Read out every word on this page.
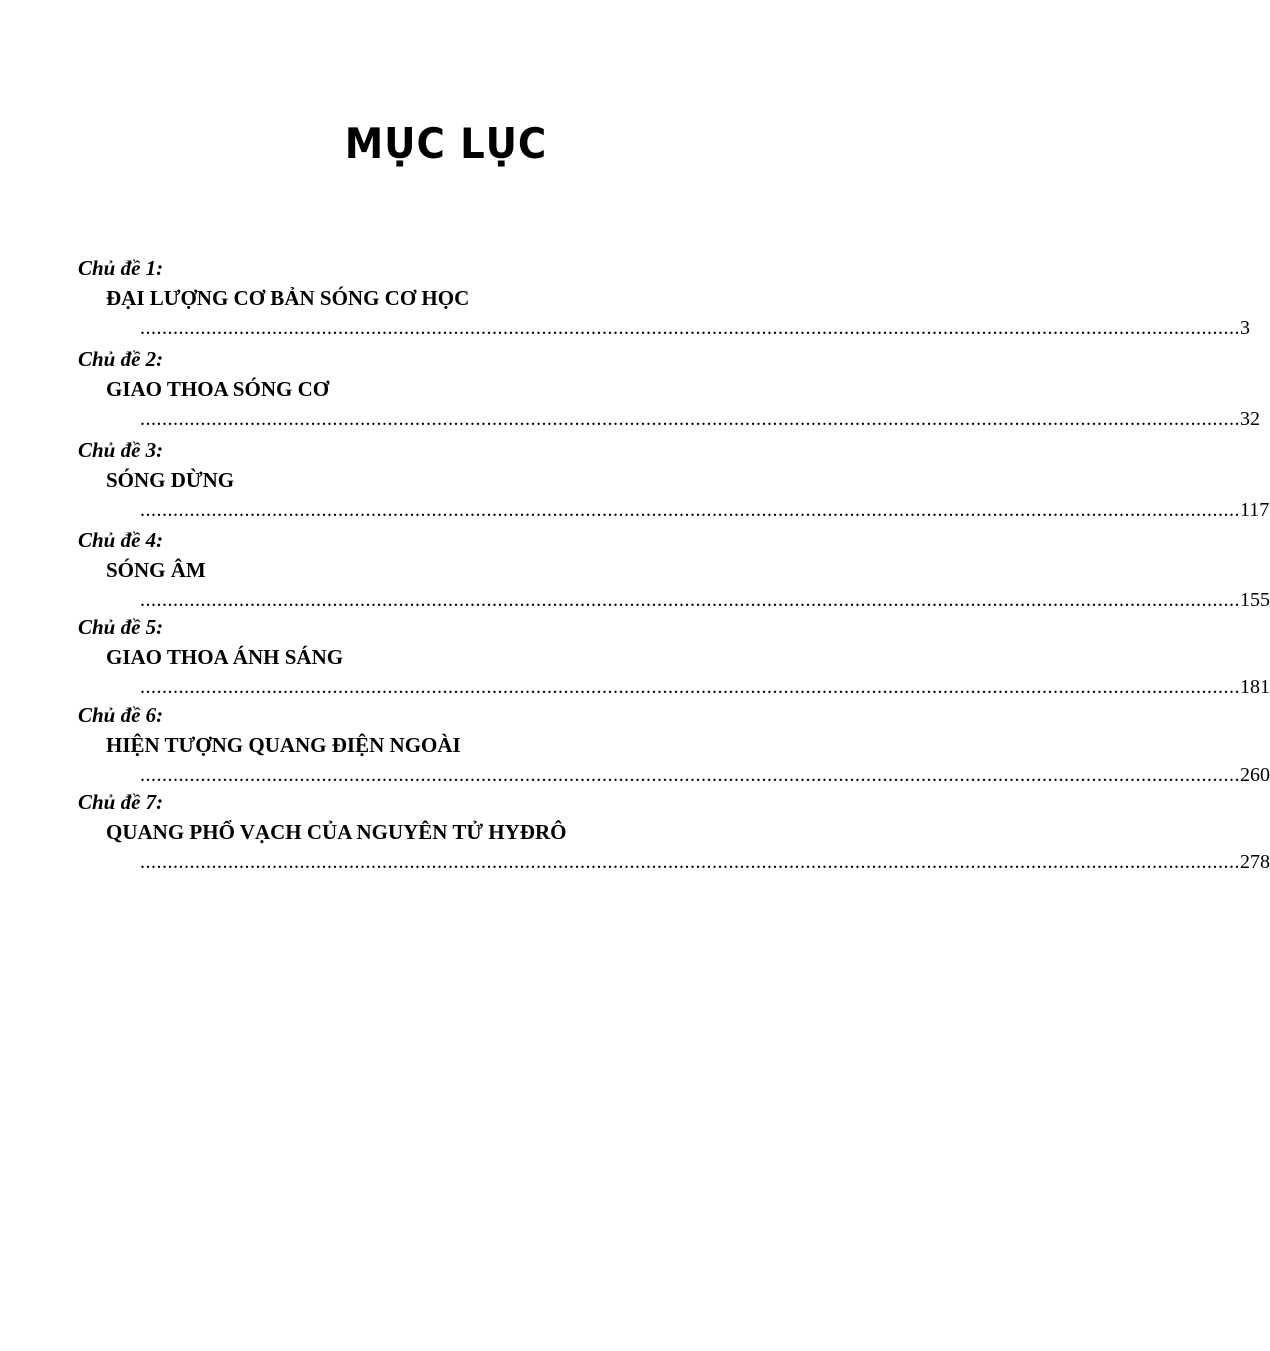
MỤC LỤC
Chủ đề 1:
ĐẠI LƯỢNG CƠ BẢN SÓNG CƠ HỌC
........................................................................................................................................................................................................ 3
Chủ đề 2:
GIAO THOA SÓNG CƠ
........................................................................................................................................................................................................ 32
Chủ đề 3:
SÓNG DỪNG
........................................................................................................................................................................................................ 117
Chủ đề 4:
SÓNG ÂM
........................................................................................................................................................................................................ 155
Chủ đề 5:
GIAO THOA ÁNH SÁNG
........................................................................................................................................................................................................ 181
Chủ đề 6:
HIỆN TƯỢNG QUANG ĐIỆN NGOÀI
........................................................................................................................................................................................................ 260
Chủ đề 7:
QUANG PHỔ VẠCH CỦA NGUYÊN TỬ HYĐRÔ
........................................................................................................................................................................................................ 278
